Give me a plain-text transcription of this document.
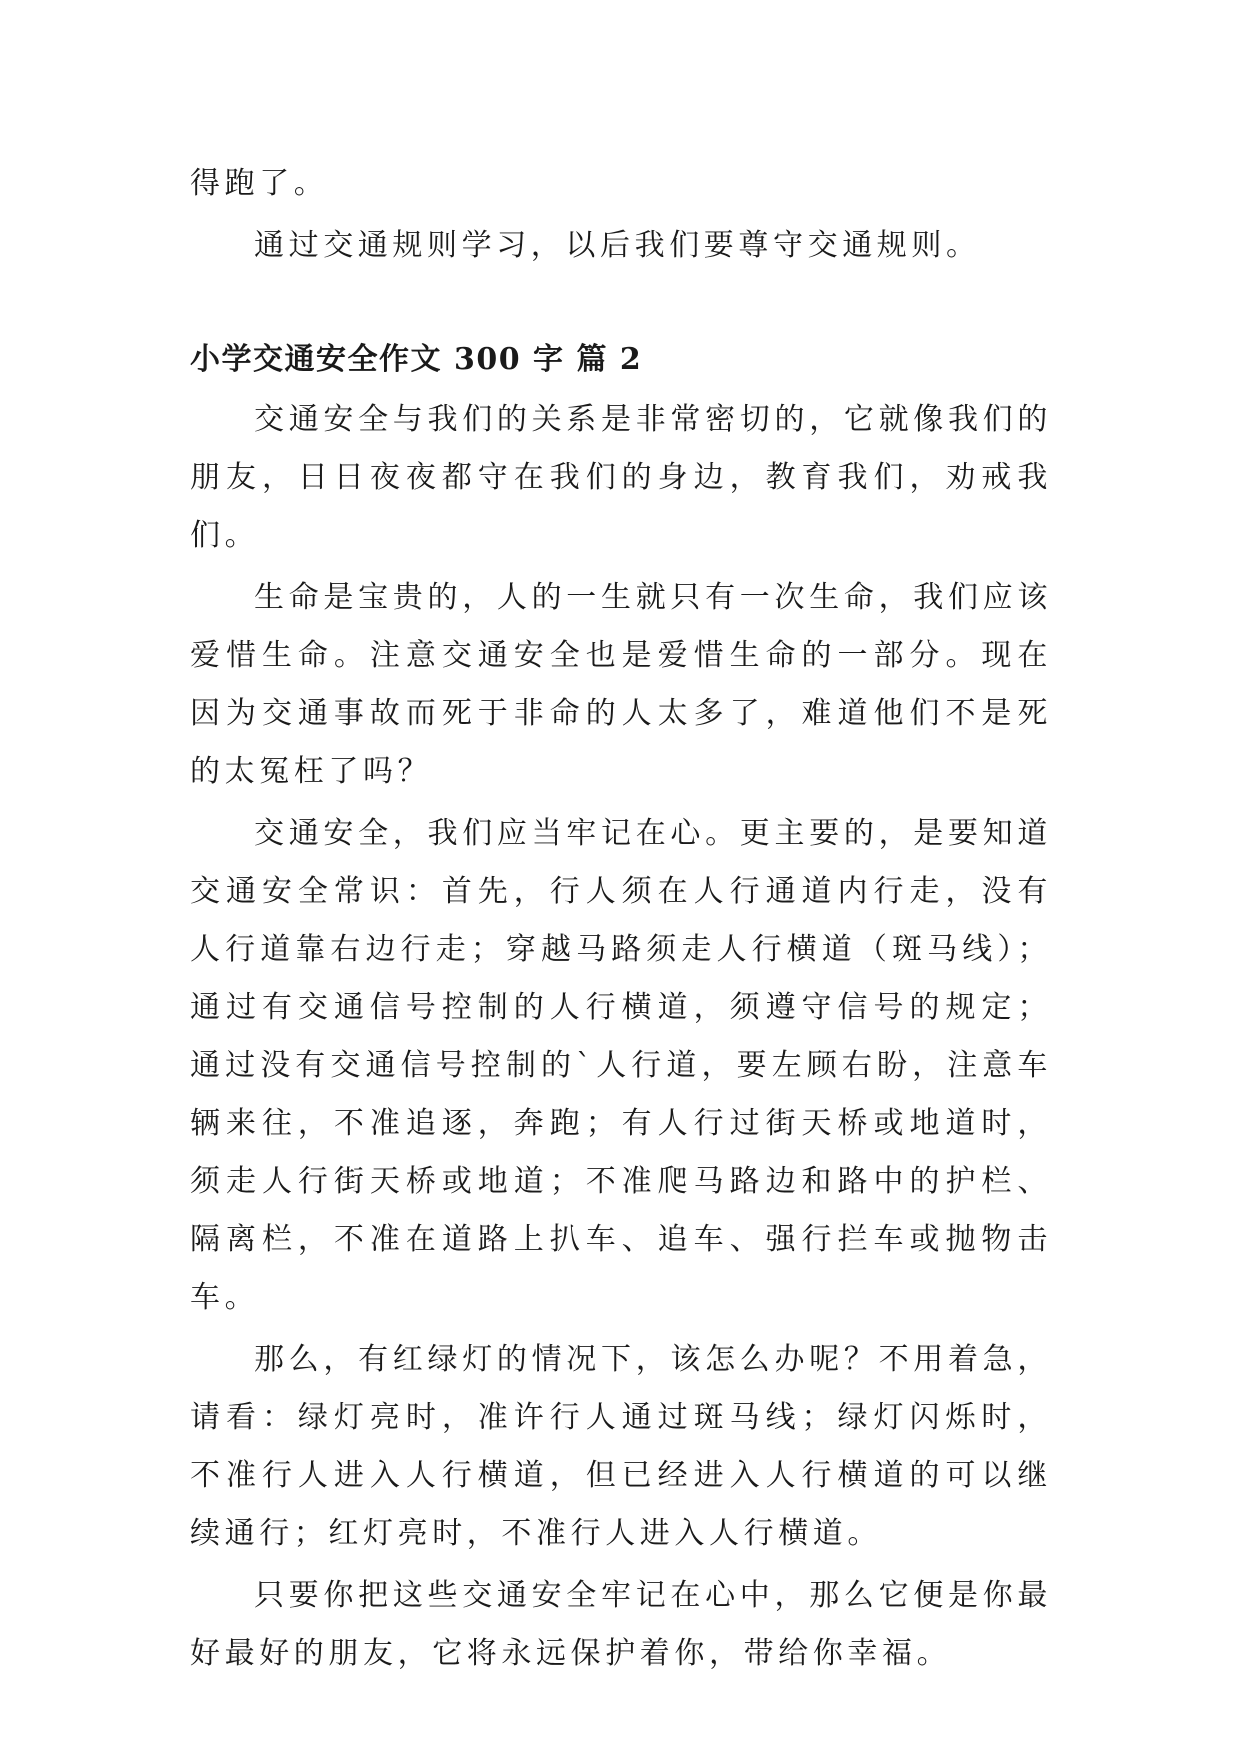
得跑了。

通过交通规则学习，以后我们要尊守交通规则。

小学交通安全作文 300 字 篇 2

交通安全与我们的关系是非常密切的，它就像我们的朋友，日日夜夜都守在我们的身边，教育我们，劝戒我们。

生命是宝贵的，人的一生就只有一次生命，我们应该爱惜生命。注意交通安全也是爱惜生命的一部分。现在因为交通事故而死于非命的人太多了，难道他们不是死的太冤枉了吗？

交通安全，我们应当牢记在心。更主要的，是要知道交通安全常识：首先，行人须在人行通道内行走，没有人行道靠右边行走；穿越马路须走人行横道（斑马线）；通过有交通信号控制的人行横道，须遵守信号的规定；通过没有交通信号控制的`人行道，要左顾右盼，注意车辆来往，不准追逐，奔跑；有人行过街天桥或地道时，须走人行街天桥或地道；不准爬马路边和路中的护栏、隔离栏，不准在道路上扒车、追车、强行拦车或抛物击车。

那么，有红绿灯的情况下，该怎么办呢？不用着急，请看：绿灯亮时，准许行人通过斑马线；绿灯闪烁时，不准行人进入人行横道，但已经进入人行横道的可以继续通行；红灯亮时，不准行人进入人行横道。

只要你把这些交通安全牢记在心中，那么它便是你最好最好的朋友，它将永远保护着你，带给你幸福。
